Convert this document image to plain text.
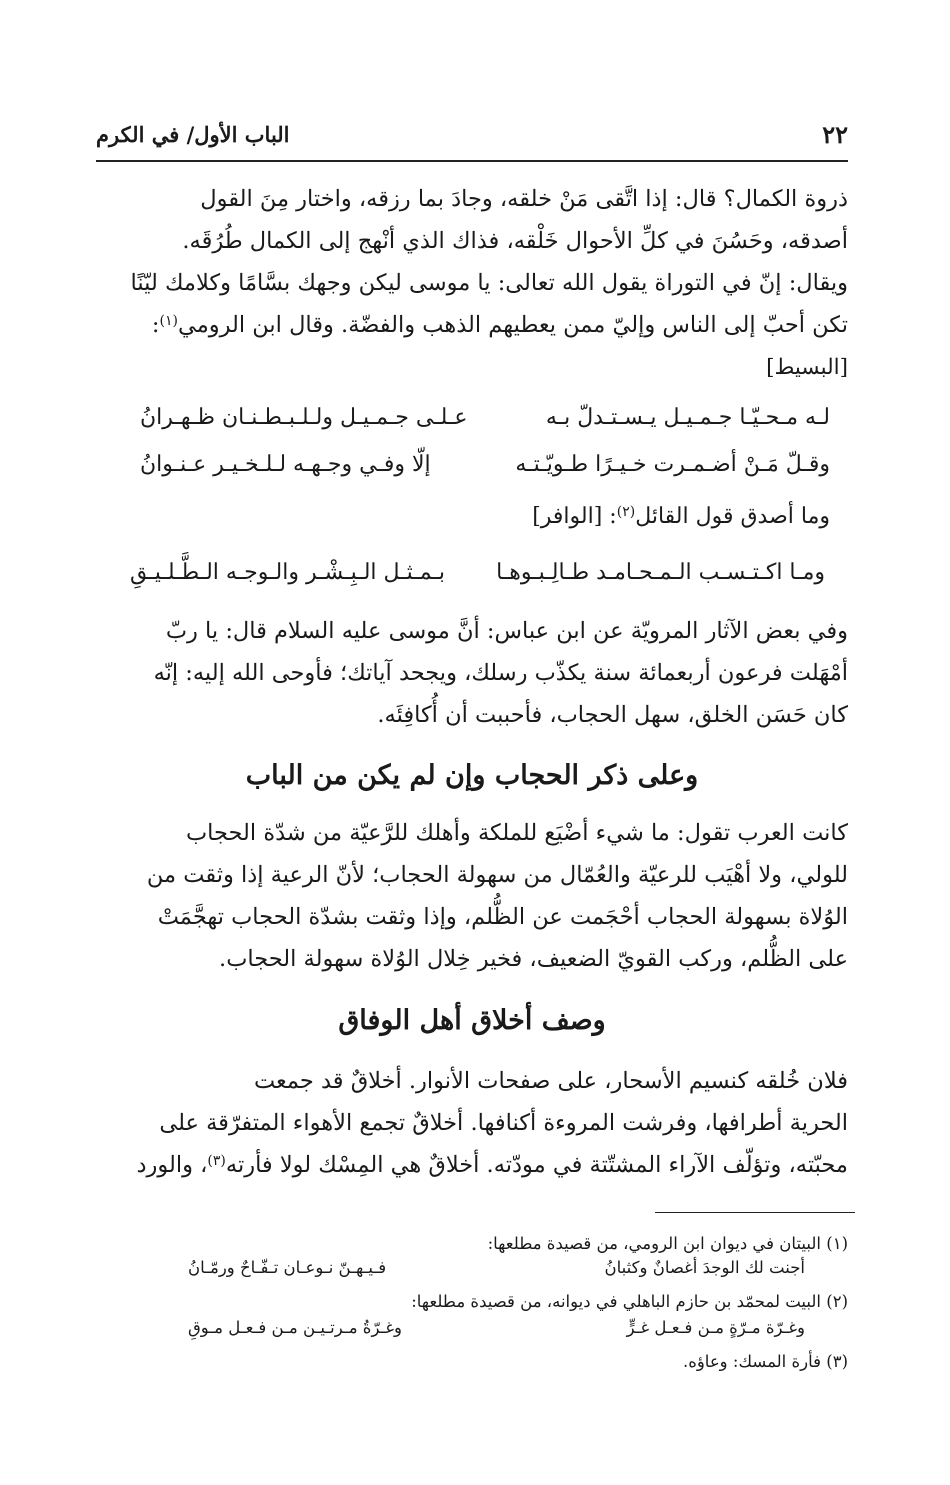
٢٢
الباب الأول/ في الكرم

ذروة الكمال؟ قال: إذا اتَّقى مَنْ خلقه، وجادَ بما رزقه، واختار مِنَ القول

أصدقه، وحَسُنَ في كلِّ الأحوال خَلْقه، فذاك الذي أنْهج إلى الكمال طُرُقَه.

ويقال: إنّ في التوراة يقول الله تعالى: يا موسى ليكن وجهك بسَّامًا وكلامك ليّنًا

تكن أحبّ إلى الناس وإليّ ممن يعطيهم الذهب والفضّة. وقال ابن الرومي$^{(١)}$:

[البسيط]

لـه مـحـيّـا جـمـيـل يـسـتـدلّ بـه
عـلـى جـمـيـل ولـلـبـطـنـان ظـهـرانُ
وقـلّ مَـنْ أضـمـرت خـيـرًا طـويّـتـه
إلّا وفـي وجـهـه لـلـخـيـر عـنـوانُ
وما أصدق قول القائل$^{(٢)}$: [الوافر]
ومـا اكـتـسـب الـمـحـامـد طـالِـبـوهـا
بـمـثـل الـبِـشْـر والـوجـه الـطَّـلـيـقِ

وفي بعض الآثار المرويّة عن ابن عباس: أنَّ موسى عليه السلام قال: يا ربّ

أمْهَلت فرعون أربعمائة سنة يكذّب رسلك، ويجحد آياتك؛ فأوحى الله إليه: إنّه

كان حَسَن الخلق، سهل الحجاب، فأحببت أن أُكافِئَه.

وعلى ذكر الحجاب وإن لم يكن من الباب

كانت العرب تقول: ما شيء أضْيَع للملكة وأهلك للرَّعيّة من شدّة الحجاب

للولي، ولا أهْيَب للرعيّة والعُمّال من سهولة الحجاب؛ لأنّ الرعية إذا وثقت من

الوُلاة بسهولة الحجاب أحْجَمت عن الظُّلم، وإذا وثقت بشدّة الحجاب تهجَّمَتْ

على الظُّلم، وركب القويّ الضعيف، فخير خِلال الوُلاة سهولة الحجاب.

وصف أخلاق أهل الوفاق

فلان خُلقه كنسيم الأسحار، على صفحات الأنوار. أخلاقٌ قد جمعت

الحرية أطرافها، وفرشت المروءة أكنافها. أخلاقٌ تجمع الأهواء المتفرّقة على

محبّته، وتؤلّف الآراء المشتّتة في مودّته. أخلاقٌ هي المِسْك لولا فأرته$^{(٣)}$، والورد

(١) البيتان في ديوان ابن الرومي، من قصيدة مطلعها:
أجنت لك الوجدَ أغصانٌ وكثبانُ
فـيـهـنّ نـوعـان تـفّـاحٌ ورمّـانُ
(٢) البيت لمحمّد بن حازم الباهلي في ديوانه، من قصيدة مطلعها:
وغـرّة مـرّةٍ مـن فـعـل غـرٍّ
وغـرّةُ مـرتـيـن مـن فـعـل مـوقِ
(٣) فأرة المسك: وعاؤه.
